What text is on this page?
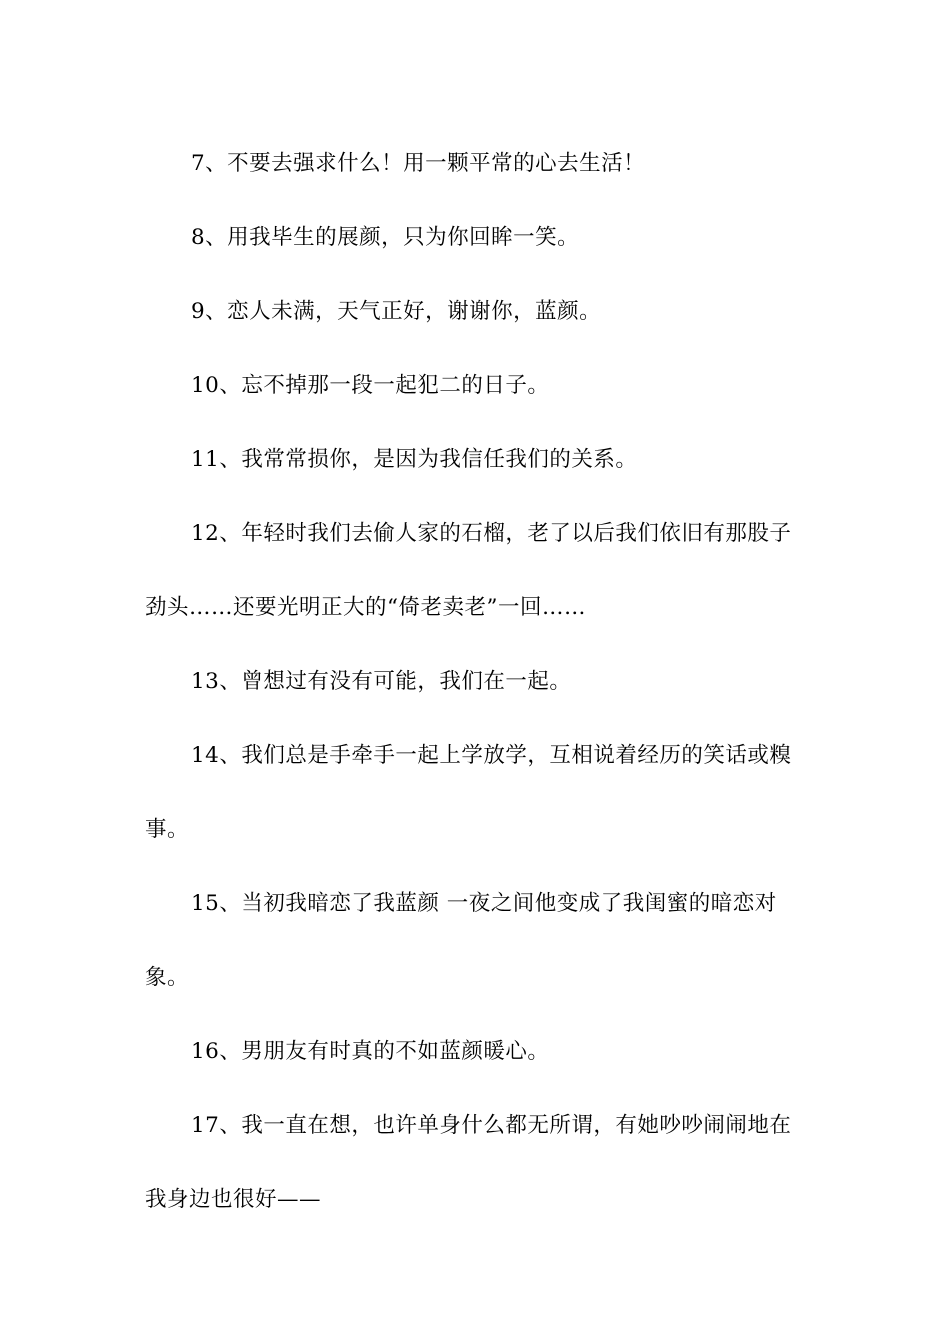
7、不要去强求什么！用一颗平常的心去生活！

8、用我毕生的展颜，只为你回眸一笑。

9、恋人未满，天气正好，谢谢你，蓝颜。

10、忘不掉那一段一起犯二的日子。

11、我常常损你，是因为我信任我们的关系。

12、年轻时我们去偷人家的石榴，老了以后我们依旧有那股子劲头……还要光明正大的“倚老卖老”一回……

13、曾想过有没有可能，我们在一起。

14、我们总是手牵手一起上学放学，互相说着经历的笑话或糗事。

15、当初我暗恋了我蓝颜 一夜之间他变成了我闺蜜的暗恋对象。

16、男朋友有时真的不如蓝颜暖心。

17、我一直在想，也许单身什么都无所谓，有她吵吵闹闹地在我身边也很好——
